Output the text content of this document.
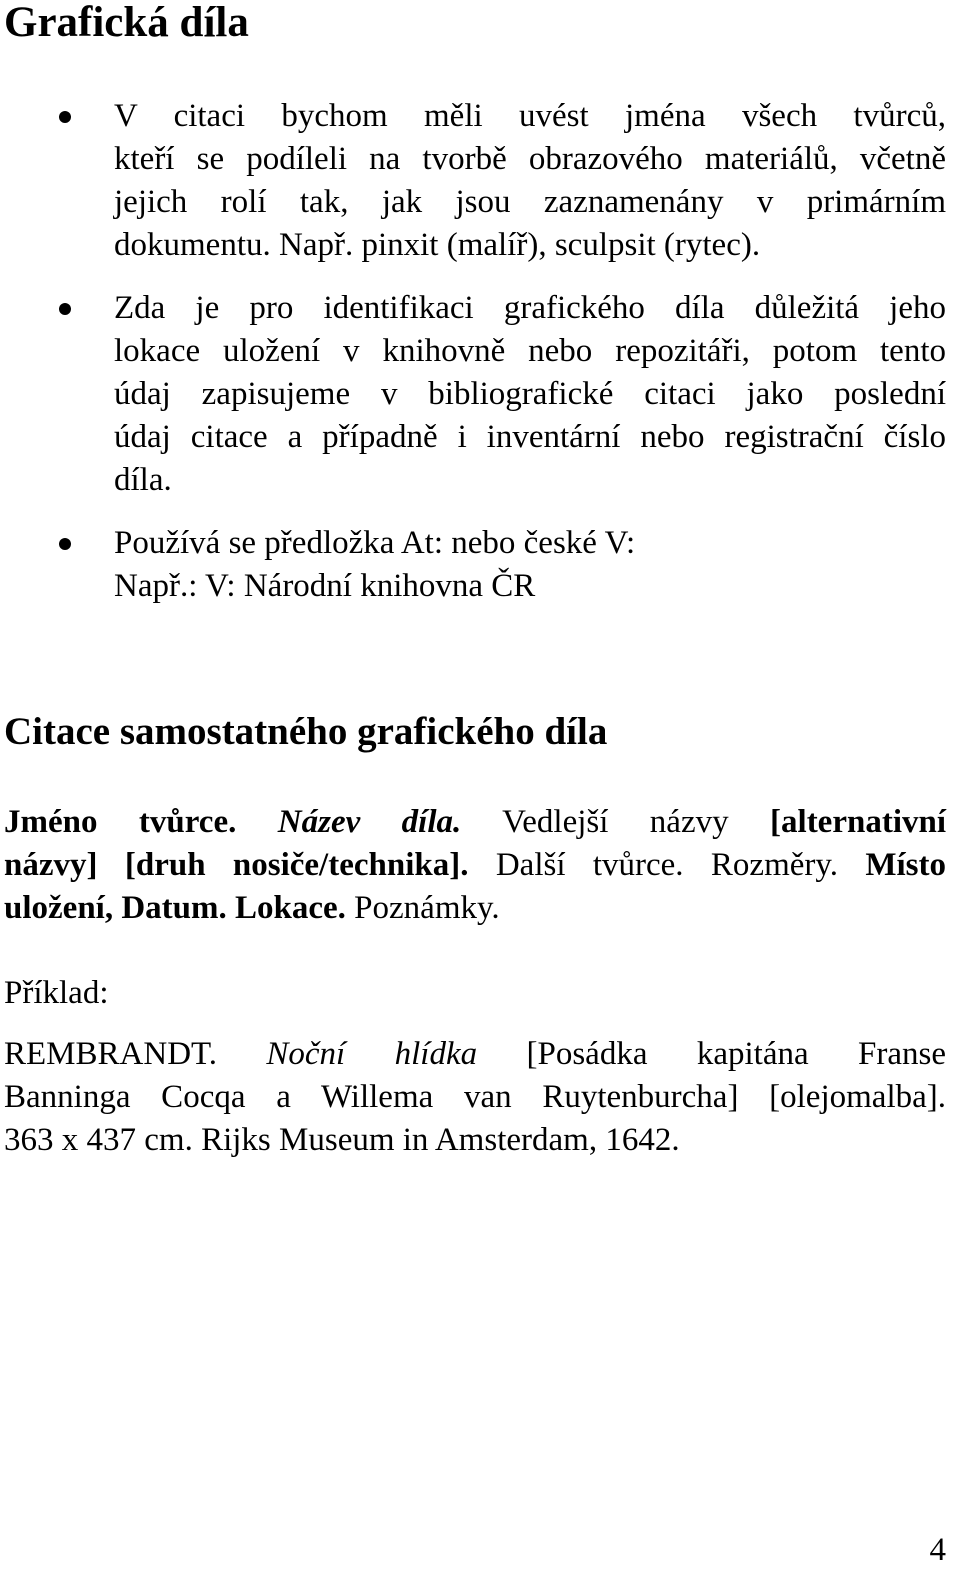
Grafická díla
V citaci bychom měli uvést jména všech tvůrců,
kteří se podíleli na tvorbě obrazového materiálů, včetně
jejich rolí tak, jak jsou zaznamenány v primárním
dokumentu. Např. pinxit (malíř), sculpsit (rytec).
Zda je pro identifikaci grafického díla důležitá jeho
lokace uložení v knihovně nebo repozitáři, potom tento
údaj zapisujeme v bibliografické citaci jako poslední
údaj citace a případně i inventární nebo registrační číslo
díla.
Používá se předložka At: nebo české V:
Např.: V: Národní knihovna ČR
Citace samostatného grafického díla
Jméno tvůrce. Název díla. Vedlejší názvy [alternativní
názvy] [druh nosiče/technika]. Další tvůrce. Rozměry. Místo
uložení, Datum. Lokace. Poznámky.

Příklad:

REMBRANDT. Noční hlídka [Posádka kapitána Franse
Banninga Cocqa a Willema van Ruytenburcha] [olejomalba].
363 x 437 cm. Rijks Museum in Amsterdam, 1642.
4
